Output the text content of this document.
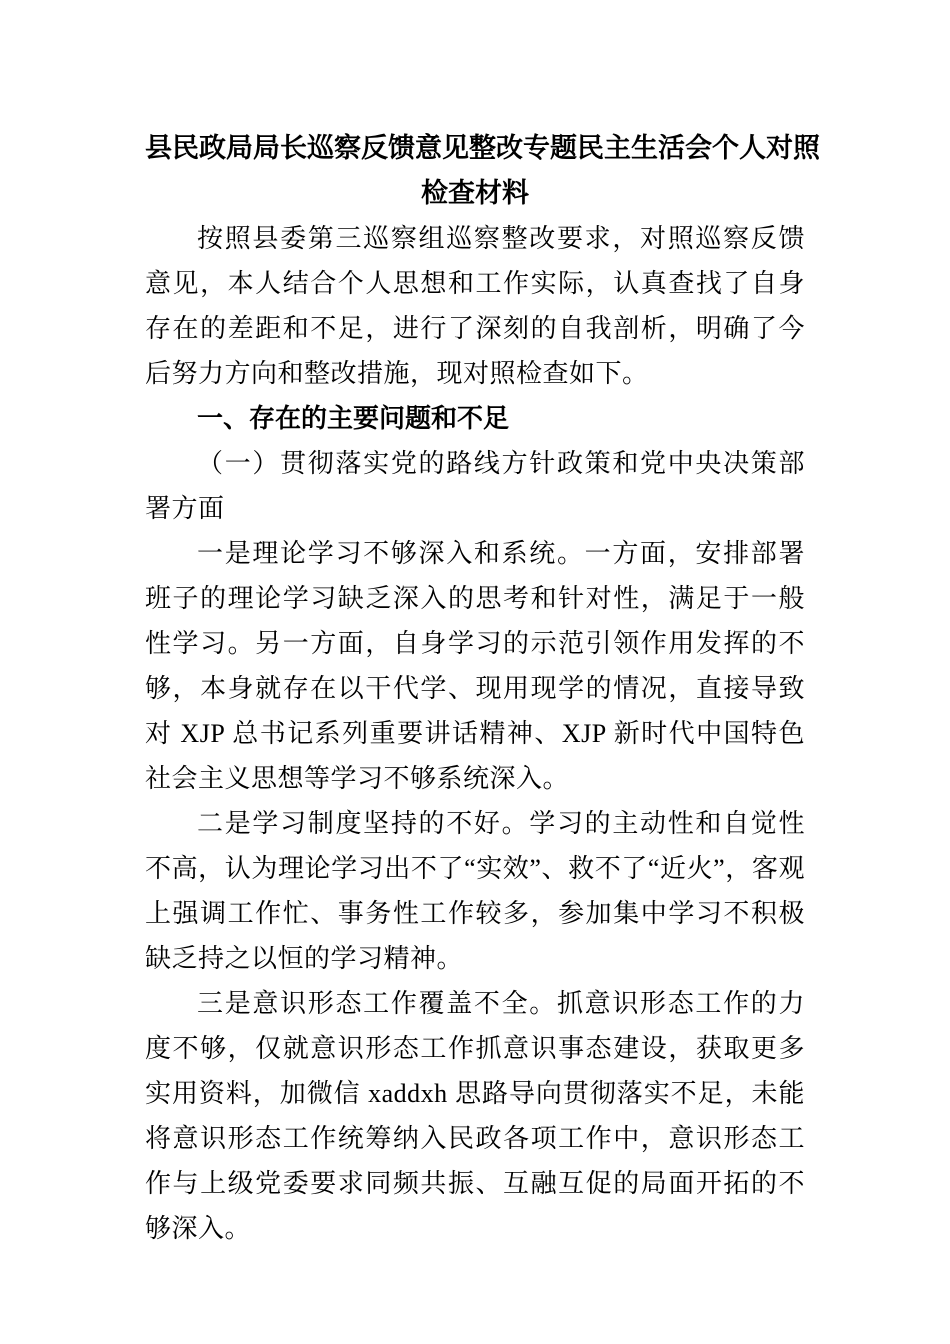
县民政局局长巡察反馈意见整改专题民主生活会个人对照
检查材料

按照县委第三巡察组巡察整改要求，对照巡察反馈意见，本人结合个人思想和工作实际，认真查找了自身存在的差距和不足，进行了深刻的自我剖析，明确了今后努力方向和整改措施，现对照检查如下。

一、存在的主要问题和不足

（一）贯彻落实党的路线方针政策和党中央决策部署方面

一是理论学习不够深入和系统。一方面，安排部署班子的理论学习缺乏深入的思考和针对性，满足于一般性学习。另一方面，自身学习的示范引领作用发挥的不够，本身就存在以干代学、现用现学的情况，直接导致对 XJP 总书记系列重要讲话精神、XJP 新时代中国特色社会主义思想等学习不够系统深入。

二是学习制度坚持的不好。学习的主动性和自觉性不高，认为理论学习出不了“实效”、救不了“近火”，客观上强调工作忙、事务性工作较多，参加集中学习不积极缺乏持之以恒的学习精神。

三是意识形态工作覆盖不全。抓意识形态工作的力度不够，仅就意识形态工作抓意识事态建设，获取更多实用资料，加微信 xaddxh 思路导向贯彻落实不足，未能将意识形态工作统筹纳入民政各项工作中，意识形态工作与上级党委要求同频共振、互融互促的局面开拓的不够深入。
